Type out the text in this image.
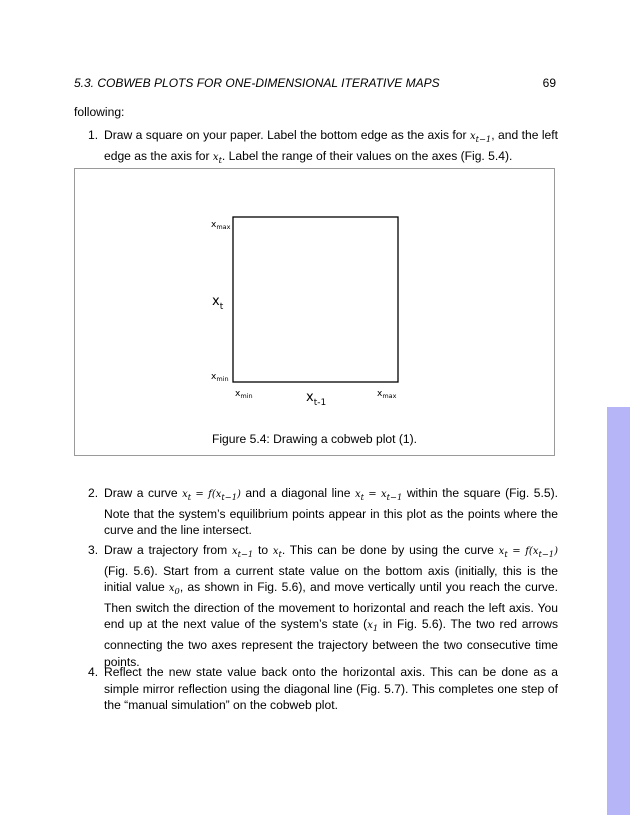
5.3. COBWEB PLOTS FOR ONE-DIMENSIONAL ITERATIVE MAPS	69
following:
1. Draw a square on your paper. Label the bottom edge as the axis for $x_{t-1}$, and the left edge as the axis for $x_t$. Label the range of their values on the axes (Fig. 5.4).
$x_{max}$
$x_t$
$x_{min}$
$x_{min}$	$x_{t-1}$
$x_{max}$
Figure 5.4: Drawing a cobweb plot (1).
2. Draw a curve $x_t = f(x_{t-1})$ and a diagonal line $x_t = x_{t-1}$ within the square (Fig. 5.5). Note that the system’s equilibrium points appear in this plot as the points where the curve and the line intersect.
3. Draw a trajectory from $x_{t-1}$ to $x_t$. This can be done by using the curve $x_t = f(x_{t-1})$ (Fig. 5.6). Start from a current state value on the bottom axis (initially, this is the initial value $x_0$, as shown in Fig. 5.6), and move vertically until you reach the curve. Then switch the direction of the movement to horizontal and reach the left axis. You end up at the next value of the system’s state ($x_1$ in Fig. 5.6). The two red arrows connecting the two axes represent the trajectory between the two consecutive time points.
4. Reflect the new state value back onto the horizontal axis. This can be done as a simple mirror reflection using the diagonal line (Fig. 5.7). This completes one step of the “manual simulation” on the cobweb plot.
